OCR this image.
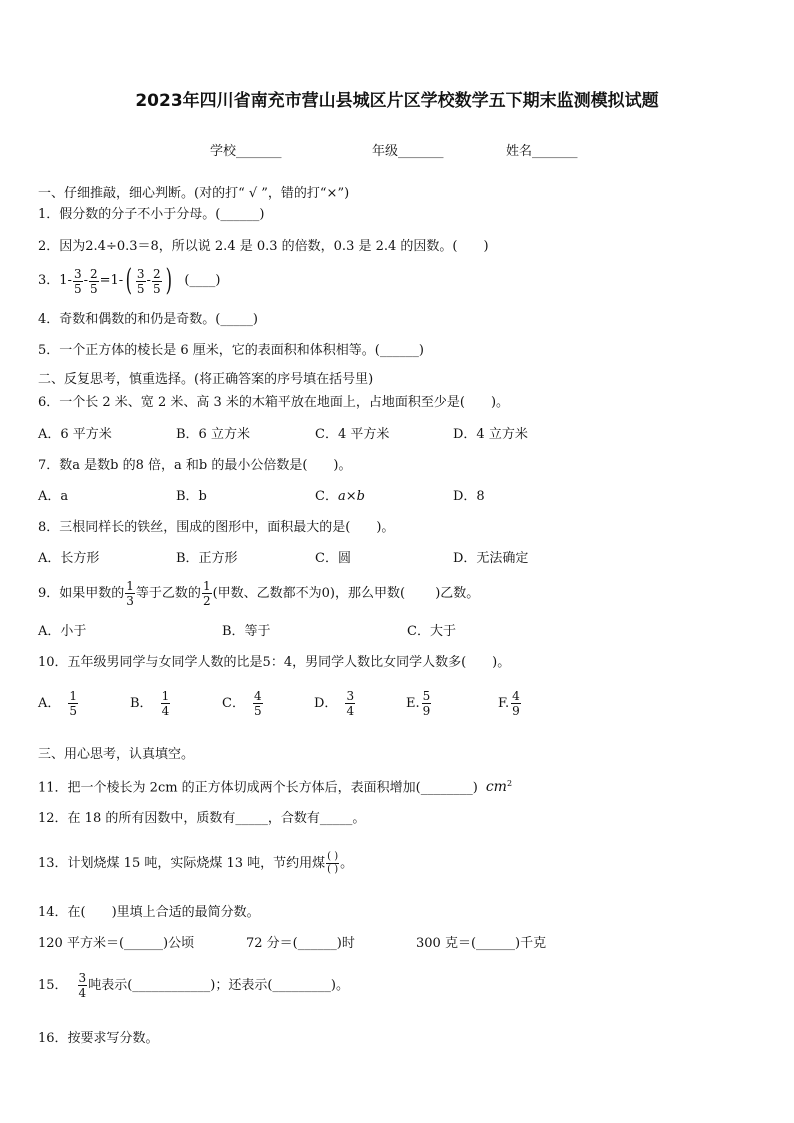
2023年四川省南充市营山县城区片区学校数学五下期末监测模拟试题
学校_______	年级_______	姓名_______
一、仔细推敲，细心判断。(对的打“ √ ”，错的打“×”)
1．假分数的分子不小于分母。(______)
2．因为2.4÷0.3＝8，所以说 2.4 是 0.3 的倍数，0.3 是 2.4 的因数。(　　)
3．$1- \frac{3}{5} - \frac{2}{5} =1-$ ( $\frac{3}{5} - \frac{2}{5}$ ) (____)
4．奇数和偶数的和仍是奇数。(_____)
5．一个正方体的棱长是 6 厘米，它的表面积和体积相等。(______)
二、反复思考，慎重选择。(将正确答案的序号填在括号里)
6．一个长 2 米、宽 2 米、高 3 米的木箱平放在地面上，占地面积至少是(　　)。
A．6 平方米	B．6 立方米	C．4 平方米	D．4 立方米
7．数a 是数b 的8 倍，a 和b 的最小公倍数是(　　)。
A．a	B．b	C．a×b	D．8
8．三根同样长的铁丝，围成的图形中，面积最大的是(　　)。
A．长方形	B．正方形	C．圆	D．无法确定
9．如果甲数的 $\frac{1}{3}$ 等于乙数的 $\frac{1}{2}$ (甲数、乙数都不为0)，那么甲数(　　 )乙数。
A．小于	B．等于	C．大于
10．五年级男同学与女同学人数的比是5：4，男同学人数比女同学人数多(　　)。
A． $\frac{1}{5}$	B． $\frac{1}{4}$	C． $\frac{4}{5}$	D． $\frac{3}{4}$	E. $\frac{5}{9}$	F. $\frac{4}{9}$
三、用心思考，认真填空。
11．把一个棱长为 2cm 的正方体切成两个长方体后，表面积增加(________) $cm^2$
12．在 18 的所有因数中，质数有_____，合数有_____。
13．计划烧煤 15 吨，实际烧煤 13 吨，节约用煤 $\frac{( )}{( )}$ 。
14．在(　　)里填上合适的最简分数。
120 平方米＝(______)公顷	72 分＝(______)时	300 克＝(______)千克
15． $\frac{3}{4}$ 吨表示(____________)；还表示(_________)。
16．按要求写分数。
